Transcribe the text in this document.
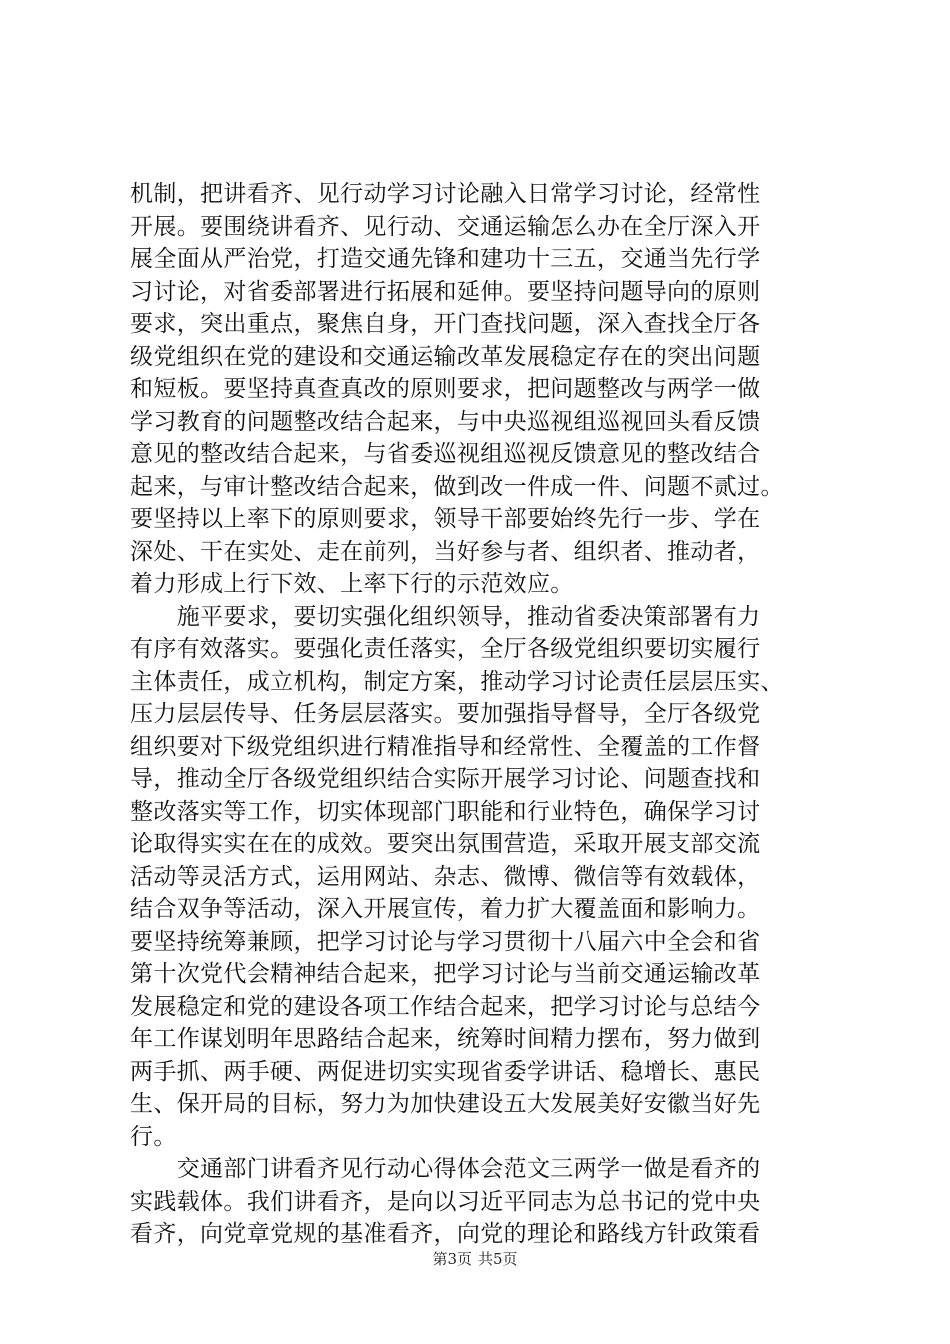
机制，把讲看齐、见行动学习讨论融入日常学习讨论，经常性
开展。要围绕讲看齐、见行动、交通运输怎么办在全厅深入开
展全面从严治党，打造交通先锋和建功十三五，交通当先行学
习讨论，对省委部署进行拓展和延伸。要坚持问题导向的原则
要求，突出重点，聚焦自身，开门查找问题，深入查找全厅各
级党组织在党的建设和交通运输改革发展稳定存在的突出问题
和短板。要坚持真查真改的原则要求，把问题整改与两学一做
学习教育的问题整改结合起来，与中央巡视组巡视回头看反馈
意见的整改结合起来，与省委巡视组巡视反馈意见的整改结合
起来，与审计整改结合起来，做到改一件成一件、问题不贰过。
要坚持以上率下的原则要求，领导干部要始终先行一步、学在
深处、干在实处、走在前列，当好参与者、组织者、推动者，
着力形成上行下效、上率下行的示范效应。
　　施平要求，要切实强化组织领导，推动省委决策部署有力
有序有效落实。要强化责任落实，全厅各级党组织要切实履行
主体责任，成立机构，制定方案，推动学习讨论责任层层压实、
压力层层传导、任务层层落实。要加强指导督导，全厅各级党
组织要对下级党组织进行精准指导和经常性、全覆盖的工作督
导，推动全厅各级党组织结合实际开展学习讨论、问题查找和
整改落实等工作，切实体现部门职能和行业特色，确保学习讨
论取得实实在在的成效。要突出氛围营造，采取开展支部交流
活动等灵活方式，运用网站、杂志、微博、微信等有效载体，
结合双争等活动，深入开展宣传，着力扩大覆盖面和影响力。
要坚持统筹兼顾，把学习讨论与学习贯彻十八届六中全会和省
第十次党代会精神结合起来，把学习讨论与当前交通运输改革
发展稳定和党的建设各项工作结合起来，把学习讨论与总结今
年工作谋划明年思路结合起来，统筹时间精力摆布，努力做到
两手抓、两手硬、两促进切实实现省委学讲话、稳增长、惠民
生、保开局的目标，努力为加快建设五大发展美好安徽当好先
行。
　　交通部门讲看齐见行动心得体会范文三两学一做是看齐的
实践载体。我们讲看齐，是向以习近平同志为总书记的党中央
看齐，向党章党规的基准看齐，向党的理论和路线方针政策看
第3页 共5页
